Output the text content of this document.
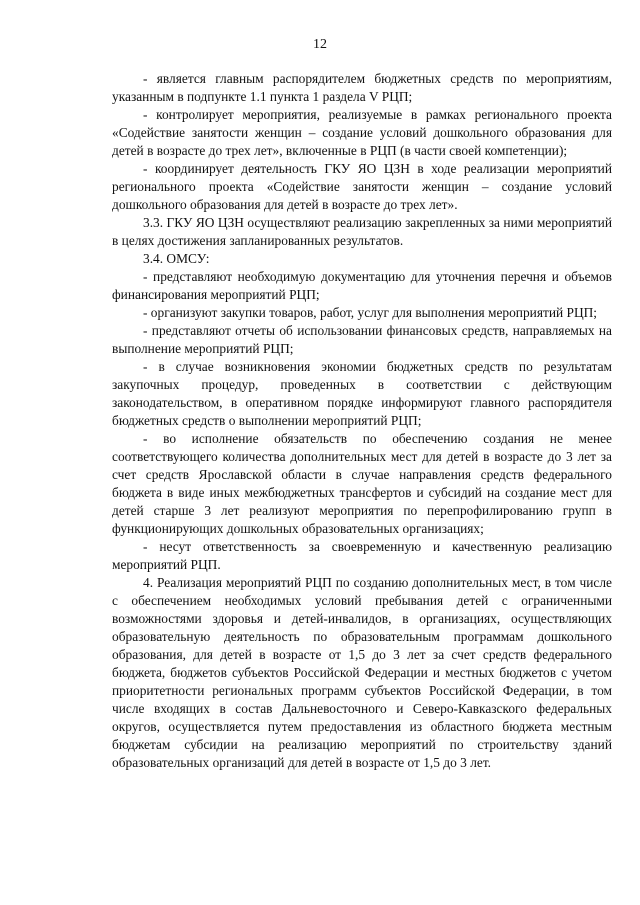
12

- является главным распорядителем бюджетных средств по мероприятиям, указанным в подпункте 1.1 пункта 1 раздела V РЦП;

- контролирует мероприятия, реализуемые в рамках регионального проекта «Содействие занятости женщин – создание условий дошкольного образования для детей в возрасте до трех лет», включенные в РЦП (в части своей компетенции);

- координирует деятельность ГКУ ЯО ЦЗН в ходе реализации мероприятий регионального проекта «Содействие занятости женщин – создание условий дошкольного образования для детей в возрасте до трех лет».

3.3. ГКУ ЯО ЦЗН осуществляют реализацию закрепленных за ними мероприятий в целях достижения запланированных результатов.

3.4. ОМСУ:

- представляют необходимую документацию для уточнения перечня и объемов финансирования мероприятий РЦП;

- организуют закупки товаров, работ, услуг для выполнения мероприятий РЦП;

- представляют отчеты об использовании финансовых средств, направляемых на выполнение мероприятий РЦП;

- в случае возникновения экономии бюджетных средств по результатам закупочных процедур, проведенных в соответствии с действующим законодательством, в оперативном порядке информируют главного распорядителя бюджетных средств о выполнении мероприятий РЦП;

- во исполнение обязательств по обеспечению создания не менее соответствующего количества дополнительных мест для детей в возрасте до 3 лет за счет средств Ярославской области в случае направления средств федерального бюджета в виде иных межбюджетных трансфертов и субсидий на создание мест для детей старше 3 лет реализуют мероприятия по перепрофилированию групп в функционирующих дошкольных образовательных организациях;

- несут ответственность за своевременную и качественную реализацию мероприятий РЦП.

4. Реализация мероприятий РЦП по созданию дополнительных мест, в том числе с обеспечением необходимых условий пребывания детей с ограниченными возможностями здоровья и детей-инвалидов, в организациях, осуществляющих образовательную деятельность по образовательным программам дошкольного образования, для детей в возрасте от 1,5 до 3 лет за счет средств федерального бюджета, бюджетов субъектов Российской Федерации и местных бюджетов с учетом приоритетности региональных программ субъектов Российской Федерации, в том числе входящих в состав Дальневосточного и Северо-Кавказского федеральных округов, осуществляется путем предоставления из областного бюджета местным бюджетам субсидии на реализацию мероприятий по строительству зданий образовательных организаций для детей в возрасте от 1,5 до 3 лет.
